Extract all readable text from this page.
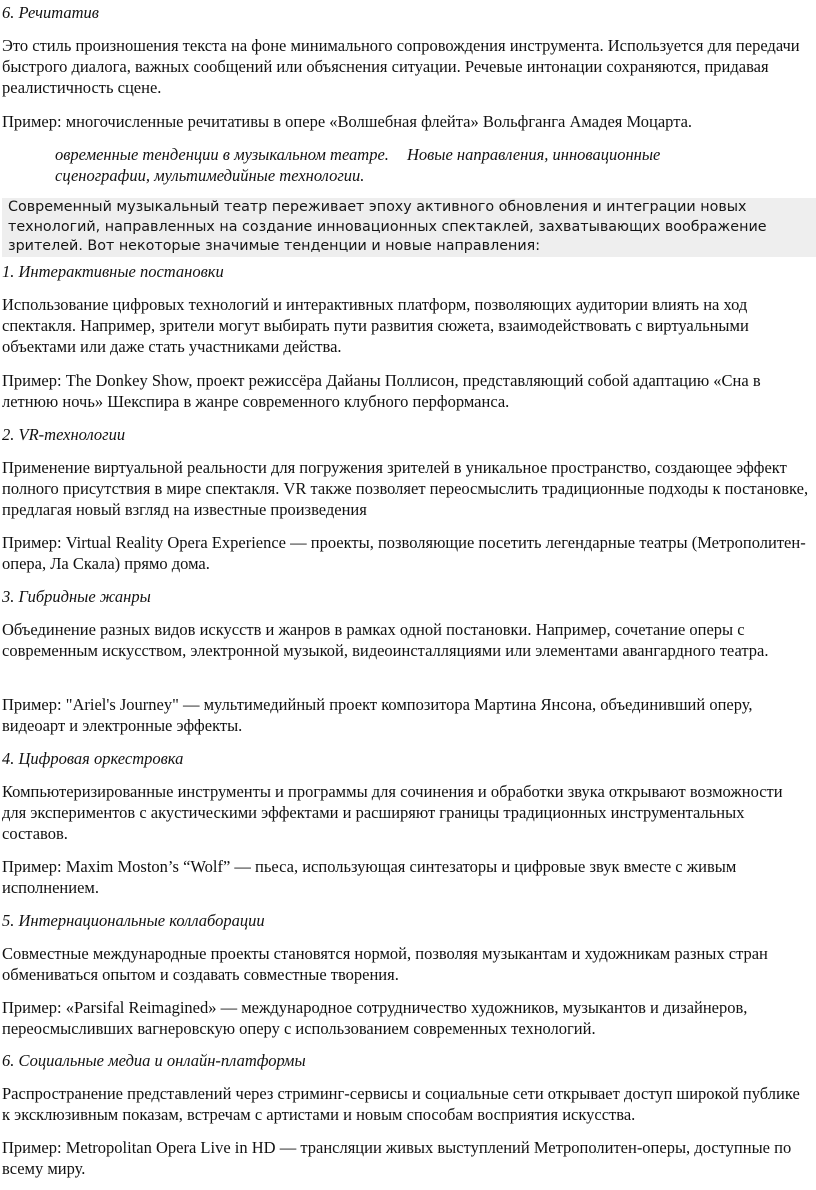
6. Речитатив

Это стиль произношения текста на фоне минимального сопровождения инструмента. Используется для передачи быстрого диалога, важных сообщений или объяснения ситуации. Речевые интонации сохраняются, придавая реалистичность сцене.

Пример: многочисленные речитативы в опере «Волшебная флейта» Вольфганга Амадея Моцарта.

овременные тенденции в музыкальном театре. Новые направления, инновационные сценографии, мультимедийные технологии.

Современный музыкальный театр переживает эпоху активного обновления и интеграции новых технологий, направленных на создание инновационных спектаклей, захватывающих воображение зрителей. Вот некоторые значимые тенденции и новые направления:

1. Интерактивные постановки

Использование цифровых технологий и интерактивных платформ, позволяющих аудитории влиять на ход спектакля. Например, зрители могут выбирать пути развития сюжета, взаимодействовать с виртуальными объектами или даже стать участниками действа.

Пример: The Donkey Show, проект режиссёра Дайаны Поллисон, представляющий собой адаптацию «Сна в летнюю ночь» Шекспира в жанре современного клубного перформанса.

2. VR-технологии

Применение виртуальной реальности для погружения зрителей в уникальное пространство, создающее эффект полного присутствия в мире спектакля. VR также позволяет переосмыслить традиционные подходы к постановке, предлагая новый взгляд на известные произведения

Пример: Virtual Reality Opera Experience — проекты, позволяющие посетить легендарные театры (Метрополитен-опера, Ла Скала) прямо дома.

3. Гибридные жанры

Объединение разных видов искусств и жанров в рамках одной постановки. Например, сочетание оперы с современным искусством, электронной музыкой, видеоинсталляциями или элементами авангардного театра.

Пример: "Ariel's Journey" — мультимедийный проект композитора Мартина Янсона, объединивший оперу, видеоарт и электронные эффекты.

4. Цифровая оркестровка

Компьютеризированные инструменты и программы для сочинения и обработки звука открывают возможности для экспериментов с акустическими эффектами и расширяют границы традиционных инструментальных составов.

Пример: Maxim Moston’s “Wolf” — пьеса, использующая синтезаторы и цифровые звук вместе с живым исполнением.

5. Интернациональные коллаборации

Совместные международные проекты становятся нормой, позволяя музыкантам и художникам разных стран обмениваться опытом и создавать совместные творения.

Пример: «Parsifal Reimagined» — международное сотрудничество художников, музыкантов и дизайнеров, переосмысливших вагнеровскую оперу с использованием современных технологий.

6. Социальные медиа и онлайн-платформы

Распространение представлений через стриминг-сервисы и социальные сети открывает доступ широкой публике к эксклюзивным показам, встречам с артистами и новым способам восприятия искусства.

Пример: Metropolitan Opera Live in HD — трансляции живых выступлений Метрополитен-оперы, доступные по всему миру.
